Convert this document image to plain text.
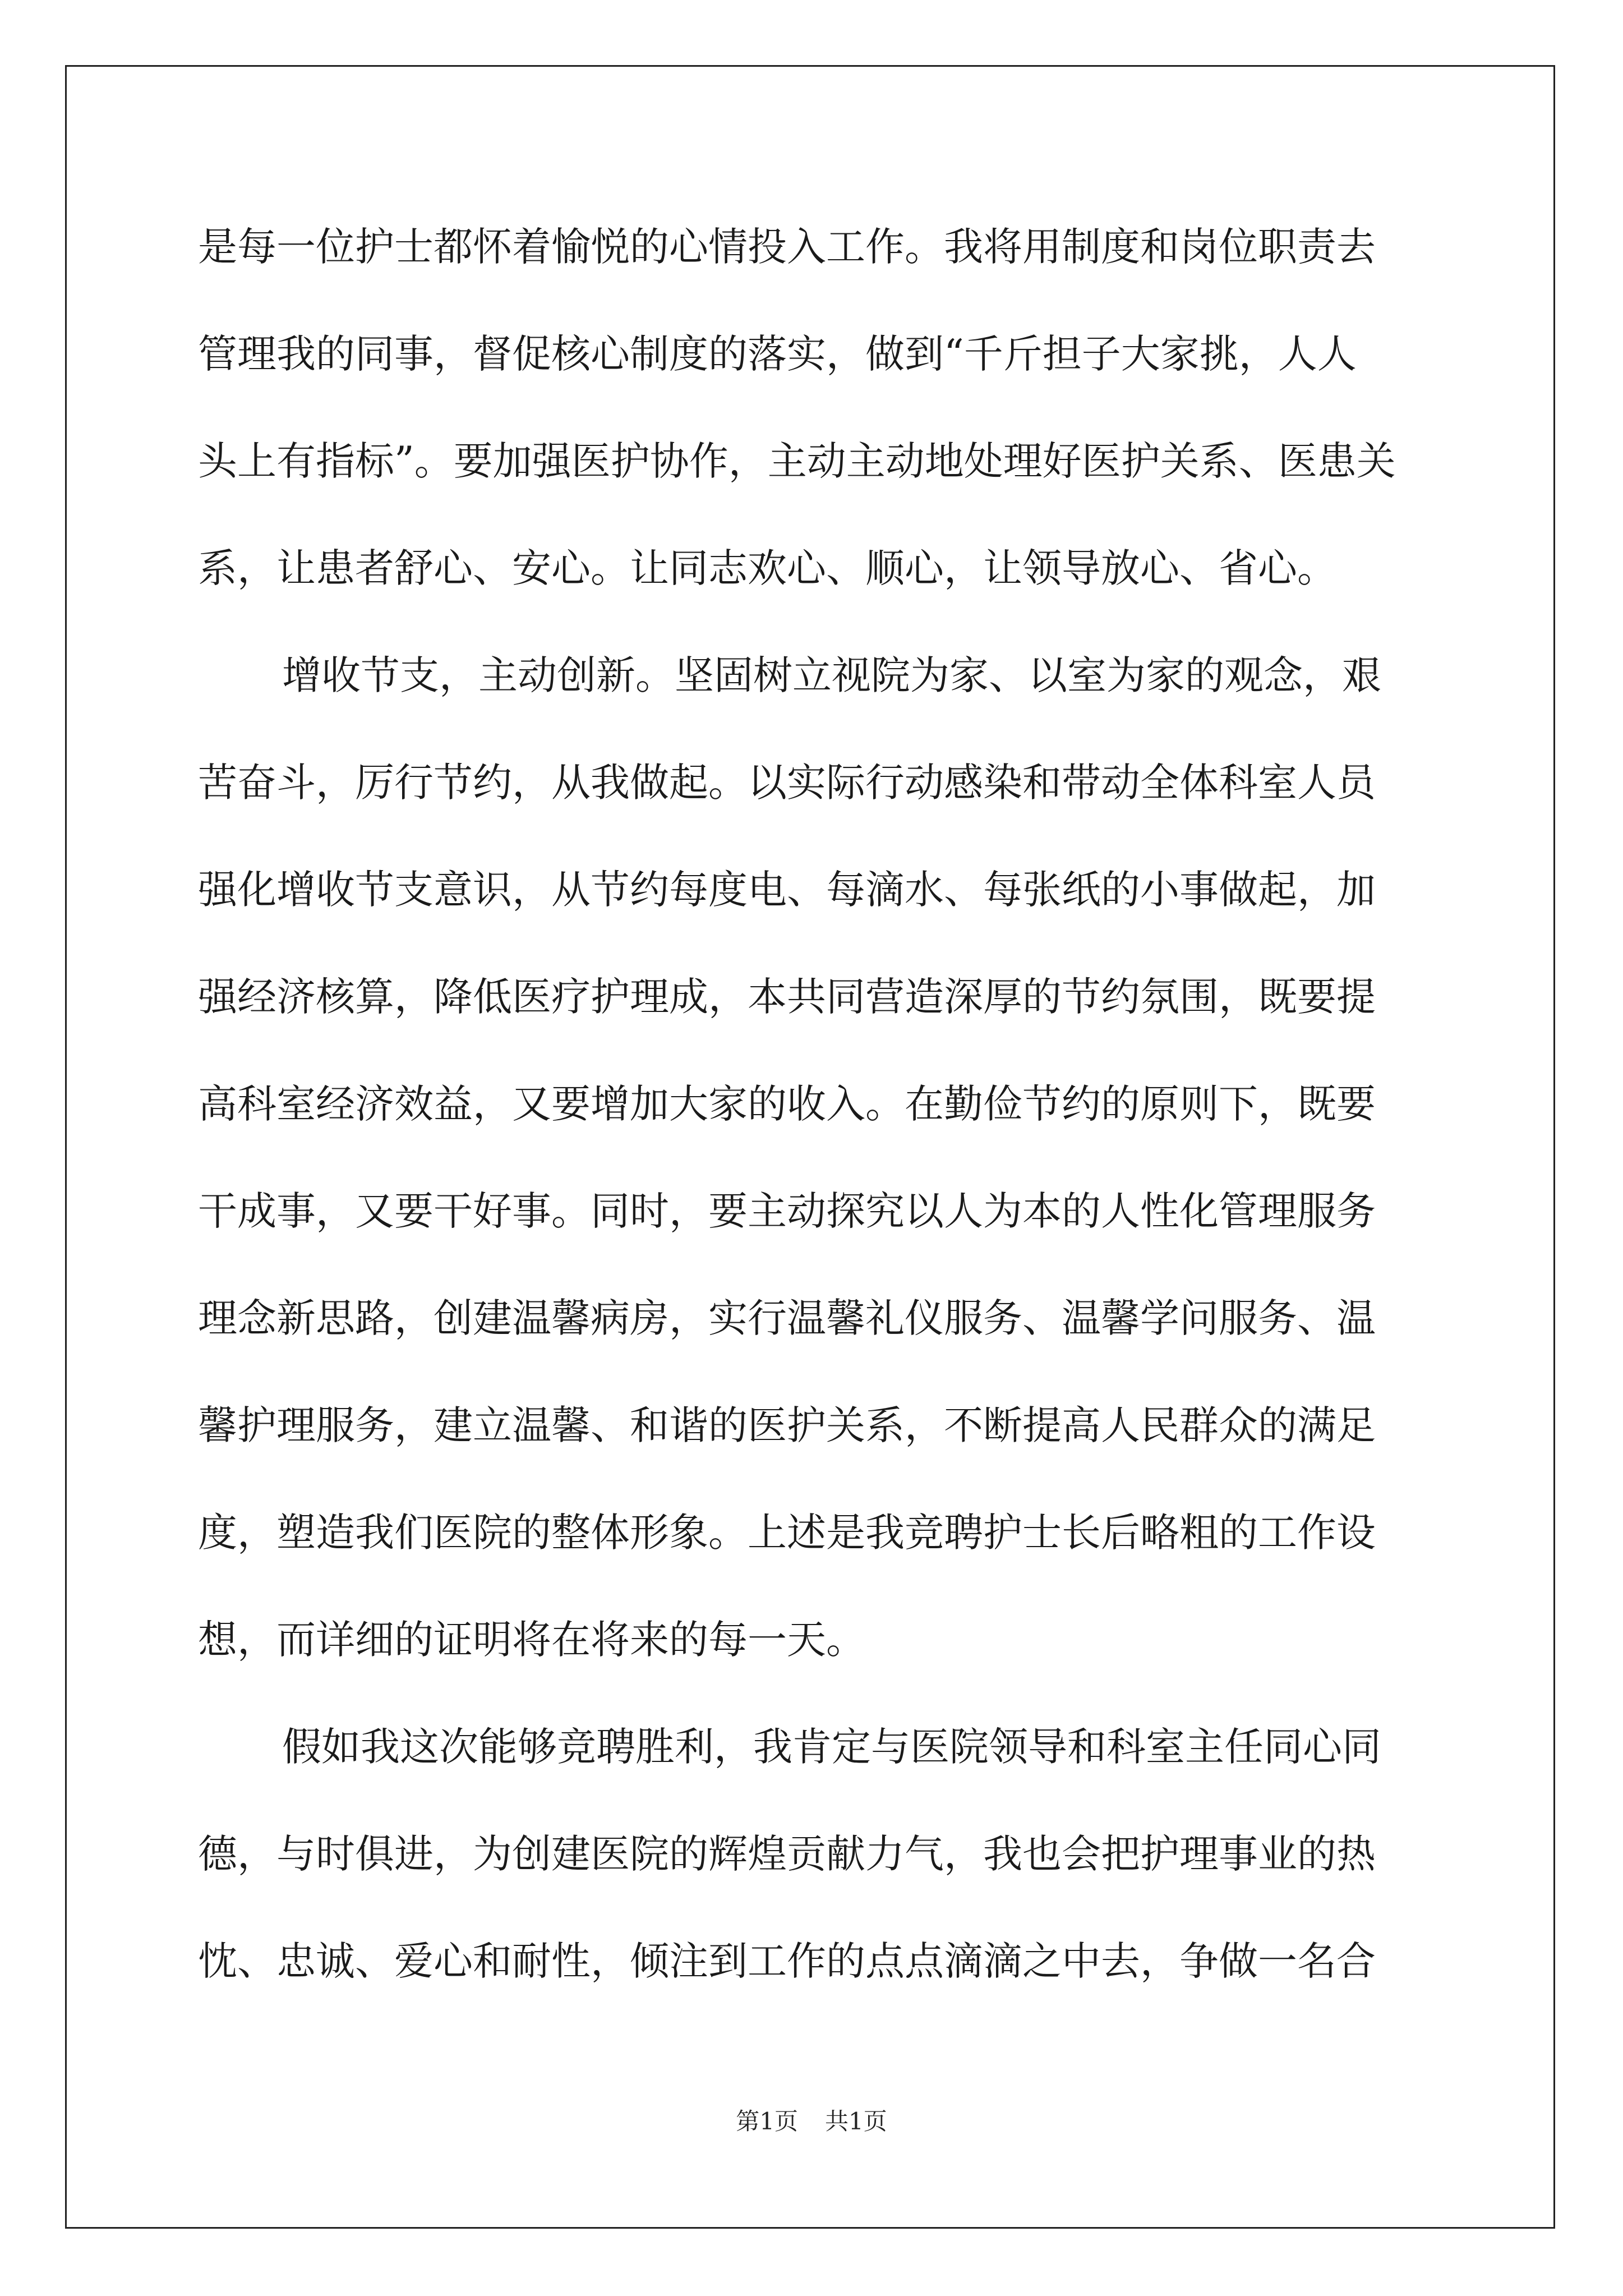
是每一位护士都怀着愉悦的心情投入工作。我将用制度和岗位职责去
管理我的同事，督促核心制度的落实，做到“千斤担子大家挑，人人
头上有指标”。要加强医护协作，主动主动地处理好医护关系、医患关
系，让患者舒心、安心。让同志欢心、顺心，让领导放心、省心。
增收节支，主动创新。坚固树立视院为家、以室为家的观念，艰
苦奋斗，厉行节约，从我做起。以实际行动感染和带动全体科室人员
强化增收节支意识，从节约每度电、每滴水、每张纸的小事做起，加
强经济核算，降低医疗护理成，本共同营造深厚的节约氛围，既要提
高科室经济效益，又要增加大家的收入。在勤俭节约的原则下，既要
干成事，又要干好事。同时，要主动探究以人为本的人性化管理服务
理念新思路，创建温馨病房，实行温馨礼仪服务、温馨学问服务、温
馨护理服务，建立温馨、和谐的医护关系，不断提高人民群众的满足
度，塑造我们医院的整体形象。上述是我竞聘护士长后略粗的工作设
想，而详细的证明将在将来的每一天。
假如我这次能够竞聘胜利，我肯定与医院领导和科室主任同心同
德，与时俱进，为创建医院的辉煌贡献力气，我也会把护理事业的热
忱、忠诚、爱心和耐性，倾注到工作的点点滴滴之中去，争做一名合
第1页 共1页
